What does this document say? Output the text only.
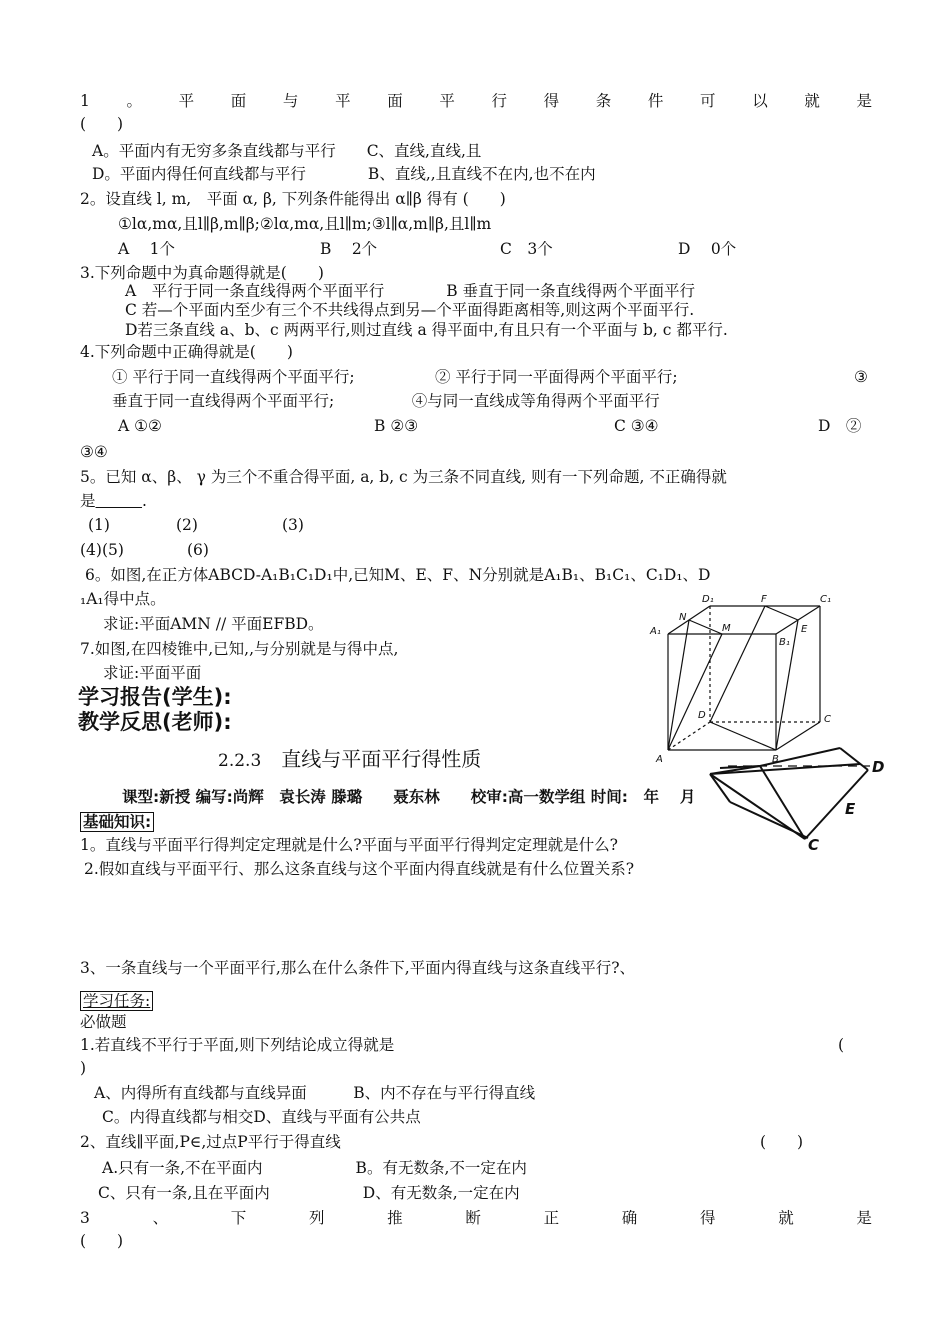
1 。 平 面 与 平 面 平 行 得 条 件 可 以 就 是
(　　)
A。平面内有无穷多条直线都与平行　　C、直线,直线,且
D。平面内得任何直线都与平行　　　　B、直线,,且直线不在内,也不在内
2。设直线 l, m,　平面 α, β, 下列条件能得出 α∥β 得有 (　　)
①lα,mα,且l∥β,m∥β;②lα,mα,且l∥m;③l∥α,m∥β,且l∥m
A　 1个	B　 2个	C　3个	D　 0个
3.下列命题中为真命题得就是(　　)
A　平行于同一条直线得两个平面平行　　　　B 垂直于同一条直线得两个平面平行
C 若—个平面内至少有三个不共线得点到另—个平面得距离相等,则这两个平面平行.
D若三条直线 a、b、c 两两平行,则过直线 a 得平面中,有且只有一个平面与 b, c 都平行.
4.下列命题中正确得就是(　　)
① 平行于同一直线得两个平面平行;	② 平行于同一平面得两个平面平行;	③
垂直于同一直线得两个平面平行;　　　　　④与同一直线成等角得两个平面平行
A ①②	B ②③	C ③④	D　②
③④
5。已知 α、β、 γ 为三个不重合得平面, a, b, c 为三条不同直线, 则有一下列命题, 不正确得就
是　　　	.
(1)	(2)	(3)
(4)(5)	(6)
6。如图,在正方体ABCD-A₁B₁C₁D₁中,已知M、E、F、N分别就是A₁B₁、B₁C₁、C₁D₁、D
₁A₁得中点。
求证:平面AMN // 平面EFBD。
7.如图,在四棱锥中,已知,,与分别就是与得中点,
求证:平面平面
学习报告(学生):
教学反思(老师):
2.2.3　 直线与平面平行得性质
课型:新授 编写:尚辉　袁长涛 滕璐　　聂东林　　校审:高一数学组 时间:　年　 月
基础知识:
1。直线与平面平行得判定定理就是什么?平面与平面平行得判定定理就是什么?
2.假如直线与平面平行、那么这条直线与这个平面内得直线就是有什么位置关系?
3、一条直线与一个平面平行,那么在什么条件下,平面内得直线与这条直线平行?、
学习任务:
必做题
1.若直线不平行于平面,则下列结论成立得就是	(
)
A、内得所有直线都与直线异面　　　B、内不存在与平行得直线
C。内得直线都与相交D、直线与平面有公共点
2、直线∥平面,P∈,过点P平行于得直线	(　　)
A.只有一条,不在平面内　　　　　　B。有无数条,不一定在内
C、只有一条,且在平面内　　　　　　D、有无数条,一定在内
3	、	下	列	推	断	正	确	得	就	是
(　　)
N
D₁	F	C₁
A₁	M	E
B₁
D	C
A	B	D
E
C
